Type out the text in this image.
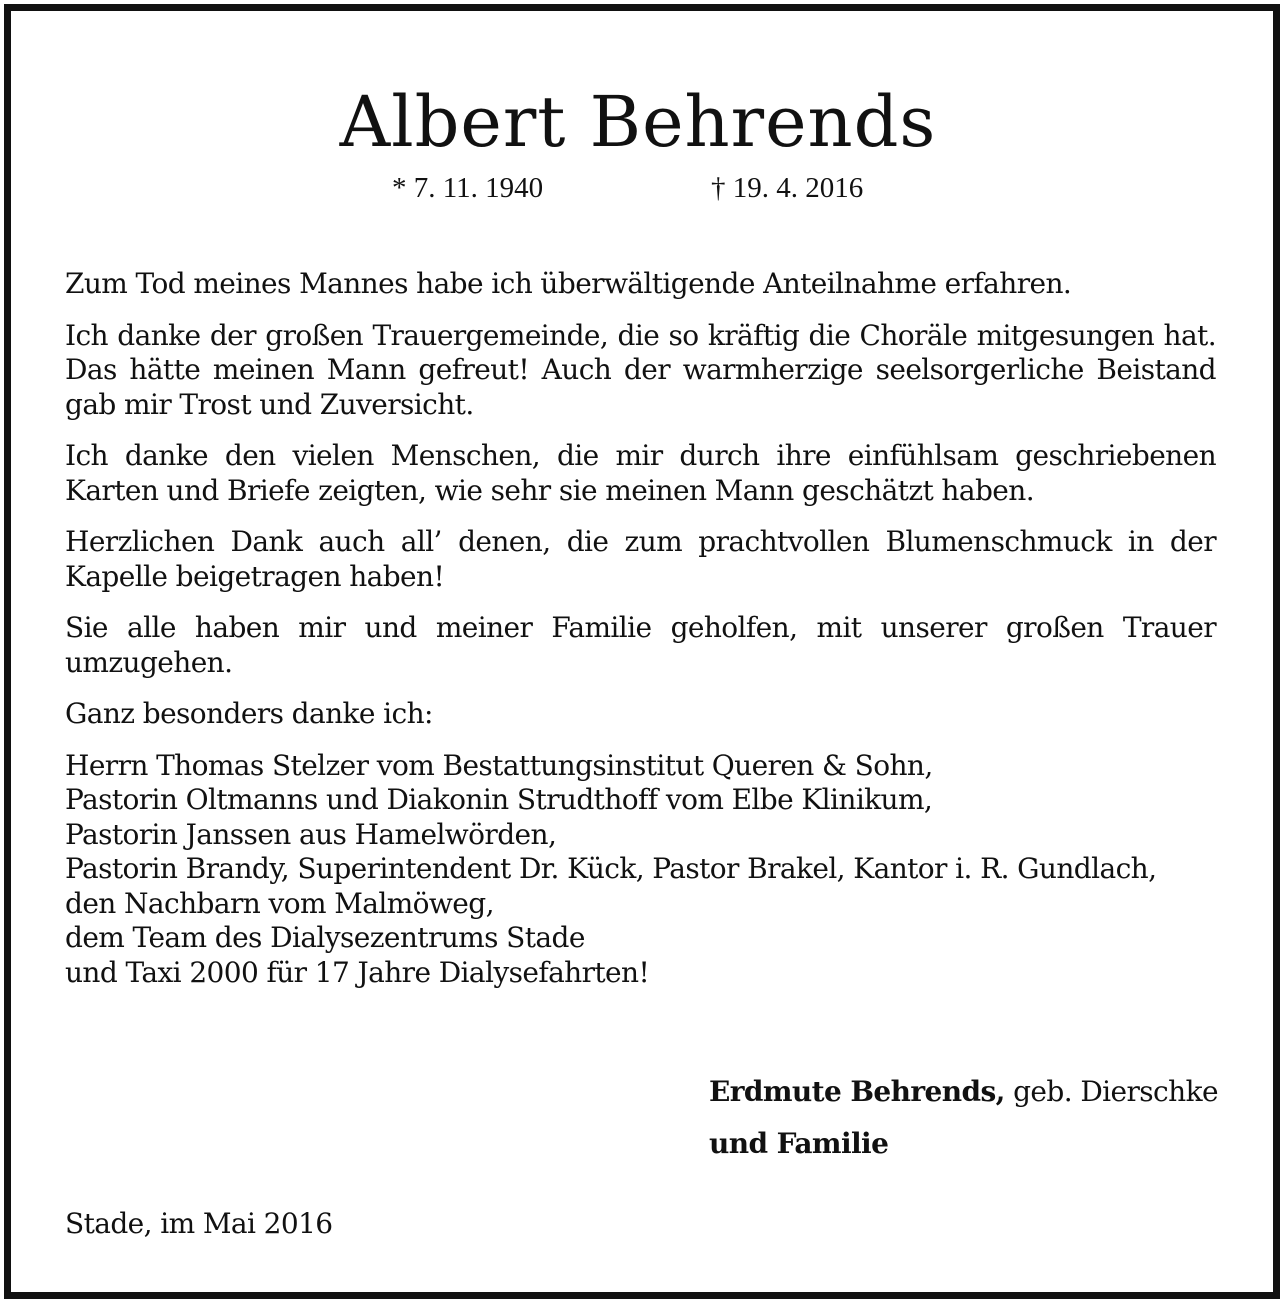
Albert Behrends
* 7. 11. 1940	† 19. 4. 2016

Zum Tod meines Mannes habe ich überwältigende Anteilnahme erfahren.

Ich danke der großen Trauergemeinde, die so kräftig die Choräle mitgesungen hat. Das hätte meinen Mann gefreut! Auch der warmherzige seelsorgerliche Beistand gab mir Trost und Zuversicht.

Ich danke den vielen Menschen, die mir durch ihre einfühlsam geschriebenen Karten und Briefe zeigten, wie sehr sie meinen Mann geschätzt haben.

Herzlichen Dank auch all’ denen, die zum prachtvollen Blumenschmuck in der Kapelle beigetragen haben!

Sie alle haben mir und meiner Familie geholfen, mit unserer großen Trauer umzugehen.

Ganz besonders danke ich:

Herrn Thomas Stelzer vom Bestattungsinstitut Queren & Sohn,
Pastorin Oltmanns und Diakonin Strudthoff vom Elbe Klinikum,
Pastorin Janssen aus Hamelwörden,
Pastorin Brandy, Superintendent Dr. Kück, Pastor Brakel, Kantor i. R. Gundlach,
den Nachbarn vom Malmöweg,
dem Team des Dialysezentrums Stade
und Taxi 2000 für 17 Jahre Dialysefahrten!
Erdmute Behrends, geb. Dierschke
und Familie
Stade, im Mai 2016
